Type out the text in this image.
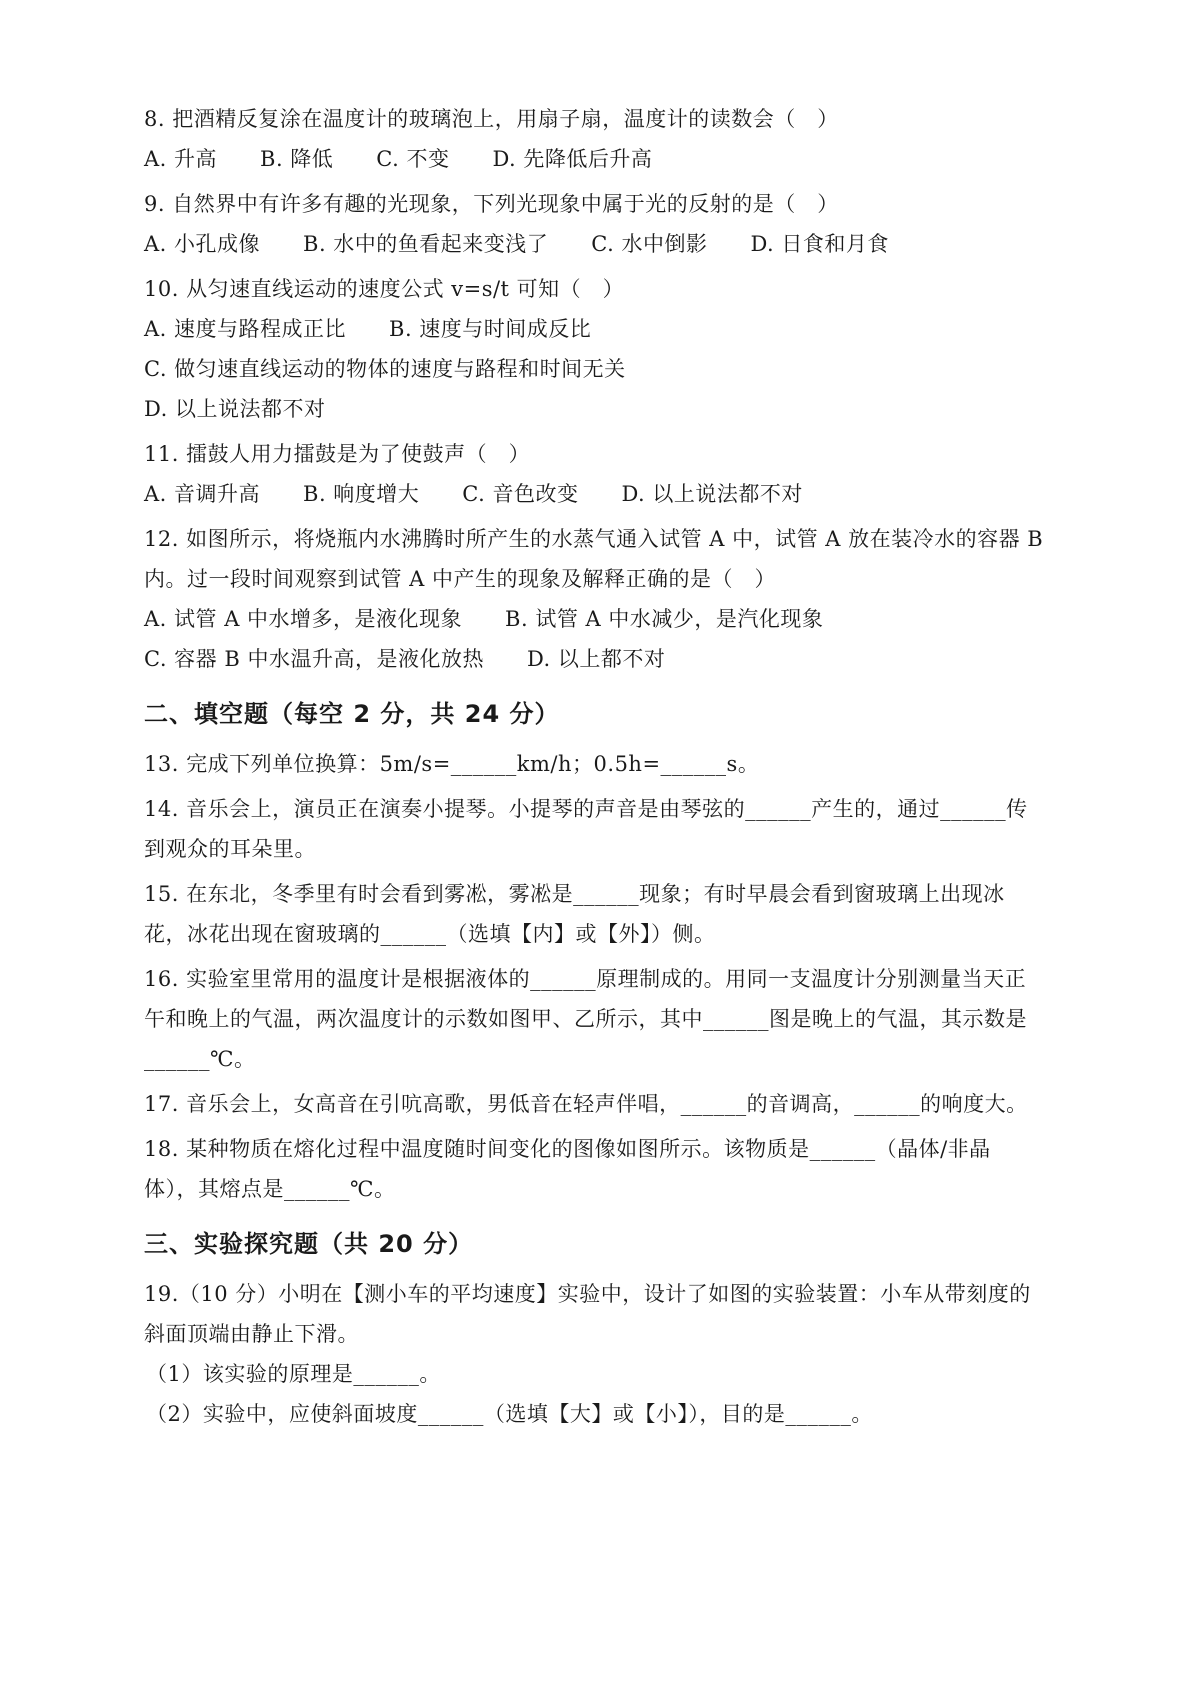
8. 把酒精反复涂在温度计的玻璃泡上，用扇子扇，温度计的读数会（　）
A. 升高　　B. 降低　　C. 不变　　D. 先降低后升高
9. 自然界中有许多有趣的光现象，下列光现象中属于光的反射的是（　）
A. 小孔成像　　B. 水中的鱼看起来变浅了　　C. 水中倒影　　D. 日食和月食
10. 从匀速直线运动的速度公式 v=s/t 可知（　）
A. 速度与路程成正比　　B. 速度与时间成反比
C. 做匀速直线运动的物体的速度与路程和时间无关
D. 以上说法都不对
11. 擂鼓人用力擂鼓是为了使鼓声（　）
A. 音调升高　　B. 响度增大　　C. 音色改变　　D. 以上说法都不对
12. 如图所示，将烧瓶内水沸腾时所产生的水蒸气通入试管 A 中，试管 A 放在装冷水的容器 B
内。过一段时间观察到试管 A 中产生的现象及解释正确的是（　）
A. 试管 A 中水增多，是液化现象　　B. 试管 A 中水减少，是汽化现象
C. 容器 B 中水温升高，是液化放热　　D. 以上都不对
二、填空题（每空 2 分，共 24 分）
13. 完成下列单位换算：5m/s=______km/h；0.5h=______s。
14. 音乐会上，演员正在演奏小提琴。小提琴的声音是由琴弦的______产生的，通过______传
到观众的耳朵里。
15. 在东北，冬季里有时会看到雾凇，雾凇是______现象；有时早晨会看到窗玻璃上出现冰
花，冰花出现在窗玻璃的______（选填【内】或【外】）侧。
16. 实验室里常用的温度计是根据液体的______原理制成的。用同一支温度计分别测量当天正
午和晚上的气温，两次温度计的示数如图甲、乙所示，其中______图是晚上的气温，其示数是
______℃。
17. 音乐会上，女高音在引吭高歌，男低音在轻声伴唱，______的音调高，______的响度大。
18. 某种物质在熔化过程中温度随时间变化的图像如图所示。该物质是______（晶体/非晶
体），其熔点是______℃。
三、实验探究题（共 20 分）
19.（10 分）小明在【测小车的平均速度】实验中，设计了如图的实验装置：小车从带刻度的
斜面顶端由静止下滑。
（1）该实验的原理是______。
（2）实验中，应使斜面坡度______（选填【大】或【小】），目的是______。
